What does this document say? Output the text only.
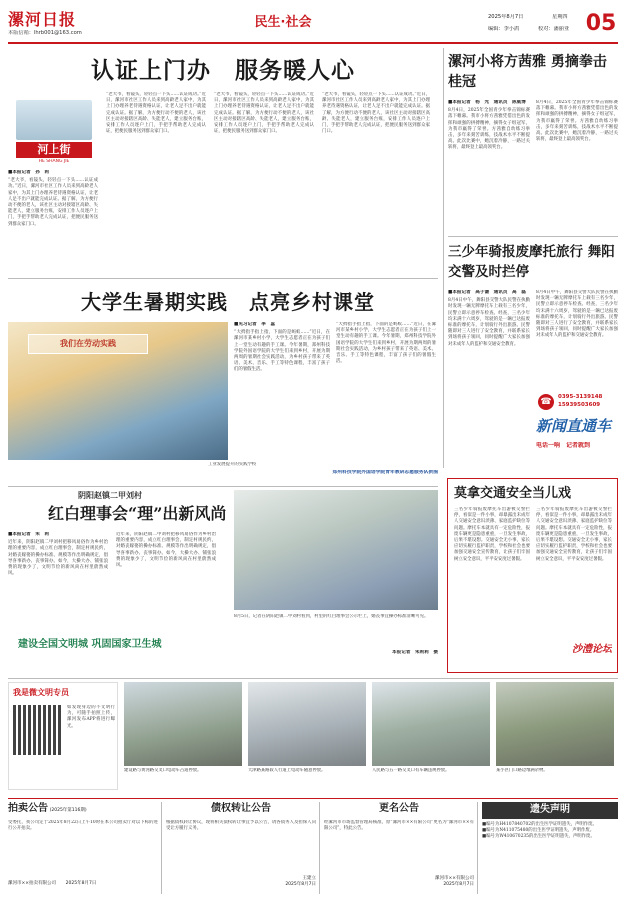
漯河日报
本版信箱：lhrb001@163.com
民生·社会	2025年8月7日	星期四
编辑：李小鸽	校对：潘丽亚 05
认证上门办　服务暖人心
河上街
HE SHANG JIE
■本报记者　孙　莉
“老大爷，看镜头，轻轻点一下头……认证成功。”近日，漯河市社区工作人员来到高龄老人家中，为其上门办理养老待遇资格认证，让老人足不出户就能完成认证。据了解，为方便行动不便的老人，该社区主动对接辖区高龄、失能老人，建立服务台账，安排工作人员逐户上门，手把手帮助老人完成认证，把便民服务送到群众家门口。
“老大爷，看镜头，轻轻点一下头……认证成功。”近日，漯河市社区工作人员来到高龄老人家中，为其上门办理养老待遇资格认证，让老人足不出户就能完成认证。据了解，为方便行动不便的老人，该社区主动对接辖区高龄、失能老人，建立服务台账，安排工作人员逐户上门，手把手帮助老人完成认证，把便民服务送到群众家门口。
“老大爷，看镜头，轻轻点一下头……认证成功。”近日，漯河市社区工作人员来到高龄老人家中，为其上门办理养老待遇资格认证，让老人足不出户就能完成认证。据了解，为方便行动不便的老人，该社区主动对接辖区高龄、失能老人，建立服务台账，安排工作人员逐户上门，手把手帮助老人完成认证，把便民服务送到群众家门口。
“老大爷，看镜头，轻轻点一下头……认证成功。”近日，漯河市社区工作人员来到高龄老人家中，为其上门办理养老待遇资格认证，让老人足不出户就能完成认证。据了解，为方便行动不便的老人，该社区主动对接辖区高龄、失能老人，建立服务台账，安排工作人员逐户上门，手把手帮助老人完成认证，把便民服务送到群众家门口。
漯河小将方茜雅 勇摘拳击桂冠
■本报记者　杨　光　通讯员　陈威博
8月4日，2025年全国青少年拳击锦标赛落下帷幕。我市小将方茜雅凭借出色的发挥和顽强的拼搏精神，摘得女子组冠军，为我市赢得了荣誉。方茜雅自幼练习拳击，多年来刻苦训练，技战术水平不断提高。此次比赛中，她沉着冷静，一路过关斩将，最终登上最高领奖台。
8月4日，2025年全国青少年拳击锦标赛落下帷幕。我市小将方茜雅凭借出色的发挥和顽强的拼搏精神，摘得女子组冠军，为我市赢得了荣誉。方茜雅自幼练习拳击，多年来刻苦训练，技战术水平不断提高。此次比赛中，她沉着冷静，一路过关斩将，最终登上最高领奖台。
三少年骑报废摩托旅行 舞阳交警及时拦停
■本报记者　高子谦　通讯员　高　磊
8月4日中午，舞阳县交警大队民警在执勤时发现一辆无牌摩托车上载有三名少年，民警立即示意停车检查。经查，三名少年均未满十六周岁，驾驶的是一辆已达报废标准的摩托车，计划骑行外出旅游。民警随即对三人进行了安全教育，并联系家长到场将孩子领回，同时提醒广大家长加强对未成年人的监护和交通安全教育。
8月4日中午，舞阳县交警大队民警在执勤时发现一辆无牌摩托车上载有三名少年，民警立即示意停车检查。经查，三名少年均未满十六周岁，驾驶的是一辆已达报废标准的摩托车，计划骑行外出旅游。民警随即对三人进行了安全教育，并联系家长到场将孩子领回，同时提醒广大家长加强对未成年人的监护和交通安全教育。
0395-3139148
15939503609
☎
新闻直通车
电话一响　记者就到
大学生暑期实践　点亮乡村课堂
我们在劳动实践
■见习记者　李　蕊
“大拇指手指上指，下面的是蚂蚁……”近日，在漯河市某乡村小学，大学生志愿者正在为孩子们上一堂生动有趣的手工课。今年暑期，郑州科技学院外国语学院的大学生们来到乡村，开展为期两周的暑期社会实践活动，为乡村孩子带来了英语、美术、音乐、手工等特色课程，丰富了孩子们的暑假生活。
“大拇指手指上指，下面的是蚂蚁……”近日，在漯河市某乡村小学，大学生志愿者正在为孩子们上一堂生动有趣的手工课。今年暑期，郑州科技学院外国语学院的大学生们来到乡村，开展为期两周的暑期社会实践活动，为乡村孩子带来了英语、美术、音乐、手工等特色课程，丰富了孩子们的暑假生活。
工业发展提升的实践学校
郑州科技学院外国语学院青年教研志愿服务队供图
阴阳赵镇二甲刘村
红白理事会“理”出新风尚
■本报记者　朱　莉
近年来，阴阳赵镇二甲刘村把移风易俗作为乡村治理的重要内容，成立红白理事会，制定村规民约，对婚丧嫁娶的操办标准、规模等作出明确规定，倡导喜事新办、丧事简办。如今，大操大办、铺张浪费的现象少了，文明节俭的新风尚在村里蔚然成风。
近年来，阴阳赵镇二甲刘村把移风易俗作为乡村治理的重要内容，成立红白理事会，制定村规民约，对婚丧嫁娶的操办标准、规模等作出明确规定，倡导喜事新办、丧事简办。如今，大操大办、铺张浪费的现象少了，文明节俭的新风尚在村里蔚然成风。
8月5日，记者在阴阳赵镇二甲刘村看到，村里的红白理事会公示栏上，婚丧事宜操办标准清晰可见。
本报记者　朱莉莉　摄
建设全国文明城 巩固国家卫生城
莫拿交通安全当儿戏
三名少年骑报废摩托车出游被交警拦停，看似是一件小事，却暴露出未成年人交通安全意识淡薄、家庭监护缺位等问题。摩托车本就具有一定危险性，报废车辆更是隐患重重，一旦发生事故，后果不堪设想。交通安全无小事，家长应切实履行监护职责，学校和社会也要加强交通安全宣传教育，让孩子们牢固树立安全意识，平平安安度过暑假。
三名少年骑报废摩托车出游被交警拦停，看似是一件小事，却暴露出未成年人交通安全意识淡薄、家庭监护缺位等问题。摩托车本就具有一定危险性，报废车辆更是隐患重重，一旦发生事故，后果不堪设想。交通安全无小事，家长应切实履行监护职责，学校和社会也要加强交通安全宣传教育，让孩子们牢固树立安全意识，平平安安度过暑假。
沙澧论坛
我是微文明专员
如发现身边的不文明行为，可随手拍照上传，漯河发布APP将进行曝光。
建设路与黄河路交叉口电动车占道停放。	天津路某路段人行道上电动车随意停放。	人民路与五一路交叉口有车辆违规停放。	某小区门口路边堆满杂物。
拍卖公告 (2025年第116期)
受委托，我公司定于2025年8月22日上午10时在本公司拍卖厅对以下标的进行公开拍卖。
漯河市××拍卖有限公司 2025年8月7日
债权转让公告
根据债权转让协议，现将相关债权转让事宜予以公告，请各债务人及担保人向受让方履行义务。
王建立
2025年8月7日
更名公告
经漯河市市场监督管理局核准，原“漯河市××有限公司”更名为“漯河市××有限公司”，特此公告。
漯河市××有限公司
2025年8月7日
遗失声明
■编号为H4107840702的出生医学证明遗失，声明作废。
■编号为N411075480的出生医学证明遗失，声明作废。
■编号为W410670235的出生医学证明遗失，声明作废。
